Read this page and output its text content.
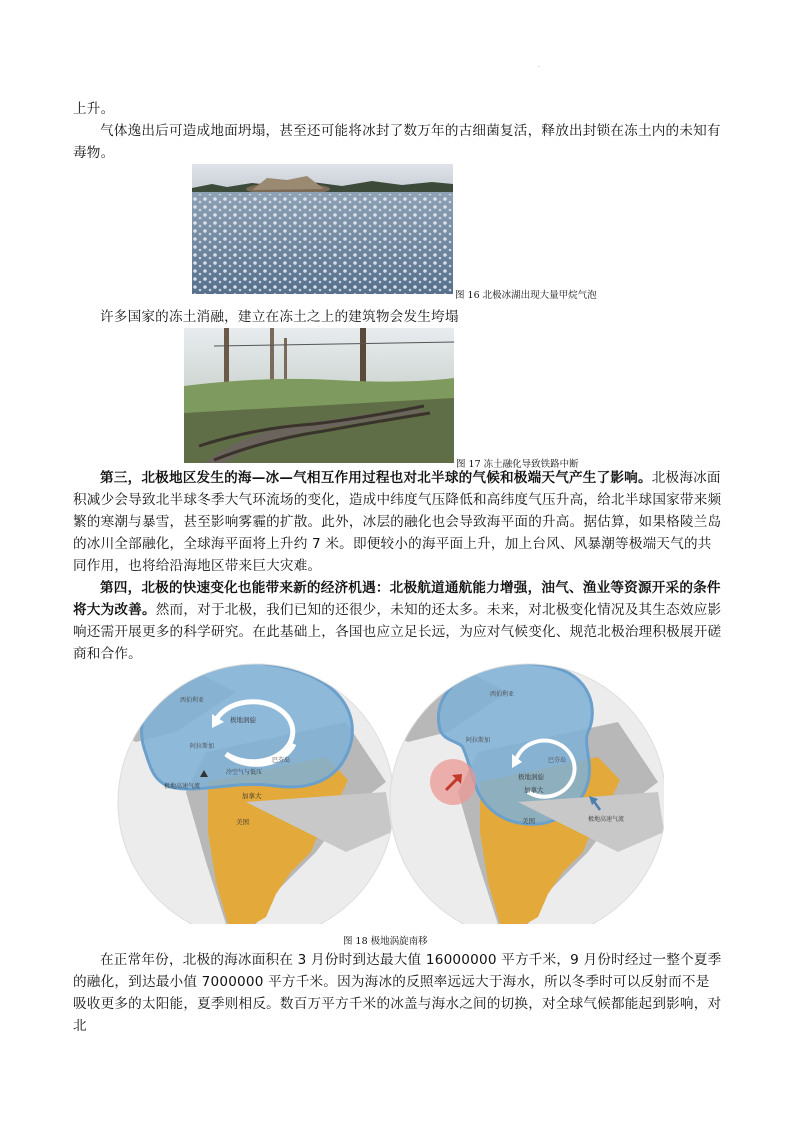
.

上升。

气体逸出后可造成地面坍塌，甚至还可能将冰封了数万年的古细菌复活，释放出封锁在冻土内的未知有毒物。

图 16 北极冰湖出现大量甲烷气泡

许多国家的冻土消融，建立在冻土之上的建筑物会发生垮塌

图 17 冻土融化导致铁路中断

第三，北极地区发生的海—冰—气相互作用过程也对北半球的气候和极端天气产生了影响。北极海冰面积减少会导致北半球冬季大气环流场的变化，造成中纬度气压降低和高纬度气压升高，给北半球国家带来频繁的寒潮与暴雪，甚至影响雾霾的扩散。此外，冰层的融化也会导致海平面的升高。据估算，如果格陵兰岛的冰川全部融化，全球海平面将上升约 7 米。即便较小的海平面上升，加上台风、风暴潮等极端天气的共同作用，也将给沿海地区带来巨大灾难。

第四，北极的快速变化也能带来新的经济机遇：北极航道通航能力增强，油气、渔业等资源开采的条件将大为改善。然而，对于北极，我们已知的还很少，未知的还太多。未来，对北极变化情况及其生态效应影响还需开展更多的科学研究。在此基础上，各国也应立足长远，为应对气候变化、规范北极治理积极展开磋商和合作。

西伯利亚
极地涡旋
阿拉斯加
巴芬岛
冷空气与低压
加拿大
极地高速气流
美国
西伯利亚
阿拉斯加
巴芬岛
极地涡旋
加拿大
美国	极地高速气流
图 18 极地涡旋南移

在正常年份，北极的海冰面积在 3 月份时到达最大值 16000000 平方千米，9 月份时经过一整个夏季的融化，到达最小值 7000000 平方千米。因为海冰的反照率远远大于海水，所以冬季时可以反射而不是吸收更多的太阳能，夏季则相反。数百万平方千米的冰盖与海水之间的切换，对全球气候都能起到影响，对北
